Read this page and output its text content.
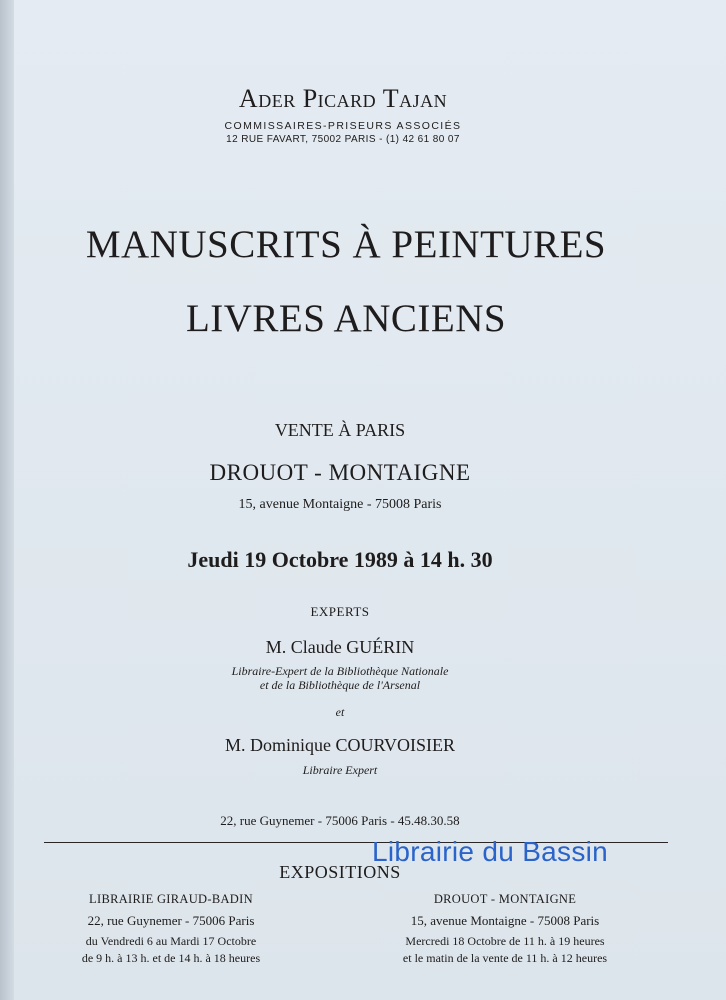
Ader Picard Tajan
COMMISSAIRES-PRISEURS ASSOCIÉS
12 RUE FAVART, 75002 PARIS - (1) 42 61 80 07
MANUSCRITS À PEINTURES
LIVRES ANCIENS
VENTE À PARIS
DROUOT - MONTAIGNE
15, avenue Montaigne - 75008 Paris
Jeudi 19 Octobre 1989 à 14 h. 30
EXPERTS
M. Claude GUÉRIN
Libraire-Expert de la Bibliothèque Nationale
et de la Bibliothèque de l'Arsenal
et
M. Dominique COURVOISIER
Libraire Expert
22, rue Guynemer - 75006 Paris - 45.48.30.58
Librairie du Bassin
EXPOSITIONS
LIBRAIRIE GIRAUD-BADIN
22, rue Guynemer - 75006 Paris
du Vendredi 6 au Mardi 17 Octobre
de 9 h. à 13 h. et de 14 h. à 18 heures
DROUOT - MONTAIGNE
15, avenue Montaigne - 75008 Paris
Mercredi 18 Octobre de 11 h. à 19 heures
et le matin de la vente de 11 h. à 12 heures
